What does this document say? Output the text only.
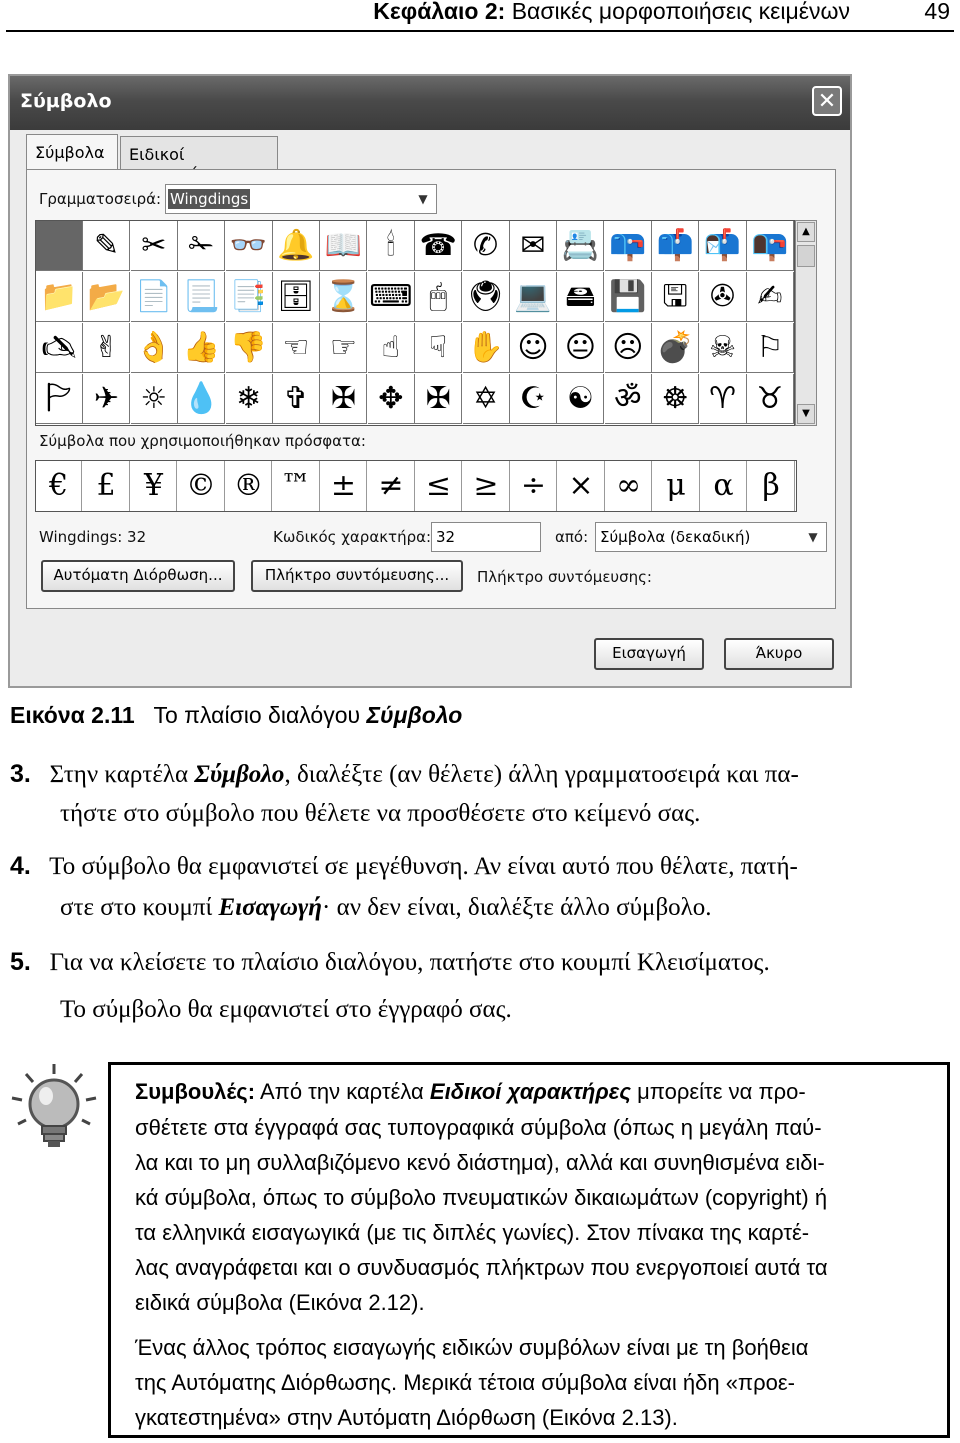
Κεφάλαιο 2: Βασικές μορφοποιήσεις κειμένων	49
Σύμβολο	✕
Σύμβολα	Ειδικοί
Γραμματοσειρά: Wingdings	▼
✎ ✂ ✁ 👓 🔔 📖 🕯 ☎ ✆ ✉ 📇 📪 📫 📬 📭
📁 📂 📄 📃 📑 🗄 ⌛ ⌨ 🖱 🖲 💻 🖴 💾 🖫 ✇ ✍
🖎 ✌ 👌 👍 👎 ☜ ☞ ☝ ☟ ✋ ☺ 😐 ☹ 💣 ☠ ⚐
🏱 ✈ ☼ 💧 ❄ ✞ ✠ ✥ ✠ ✡ ☪ ☯ ॐ ☸ ♈ ♉
▲
▼
Σύμβολα που χρησιμοποιήθηκαν πρόσφατα:
€ £ ¥ © ® ™ ± ≠ ≤ ≥ ÷ × ∞ μ α β
Wingdings: 32	Κωδικός χαρακτήρα: 32	από: Σύμβολα (δεκαδική)	▼
Αυτόματη Διόρθωση...	Πλήκτρο συντόμευσης...	Πλήκτρο συντόμευσης:
Εισαγωγή	Άκυρο
Εικόνα 2.11 Το πλαίσιο διαλόγου Σύμβολο
3. Στην καρτέλα Σύμβολο, διαλέξτε (αν θέλετε) άλλη γραμματοσειρά και πα-
τήστε στο σύμβολο που θέλετε να προσθέσετε στο κείμενό σας.
4. Το σύμβολο θα εμφανιστεί σε μεγέθυνση. Αν είναι αυτό που θέλατε, πατή-
στε στο κουμπί Εισαγωγή· αν δεν είναι, διαλέξτε άλλο σύμβολο.
5. Για να κλείσετε το πλαίσιο διαλόγου, πατήστε στο κουμπί Κλεισίματος.
Το σύμβολο θα εμφανιστεί στο έγγραφό σας.
Συμβουλές: Από την καρτέλα Ειδικοί χαρακτήρες μπορείτε να προ-
σθέτετε στα έγγραφά σας τυπογραφικά σύμβολα (όπως η μεγάλη παύ-
λα και το μη συλλαβιζόμενο κενό διάστημα), αλλά και συνηθισμένα ειδι-
κά σύμβολα, όπως το σύμβολο πνευματικών δικαιωμάτων (copyright) ή
τα ελληνικά εισαγωγικά (με τις διπλές γωνίες). Στον πίνακα της καρτέ-
λας αναγράφεται και ο συνδυασμός πλήκτρων που ενεργοποιεί αυτά τα
ειδικά σύμβολα (Εικόνα 2.12).
Ένας άλλος τρόπος εισαγωγής ειδικών συμβόλων είναι με τη βοήθεια
της Αυτόματης Διόρθωσης. Μερικά τέτοια σύμβολα είναι ήδη «προε-
γκατεστημένα» στην Αυτόματη Διόρθωση (Εικόνα 2.13).
